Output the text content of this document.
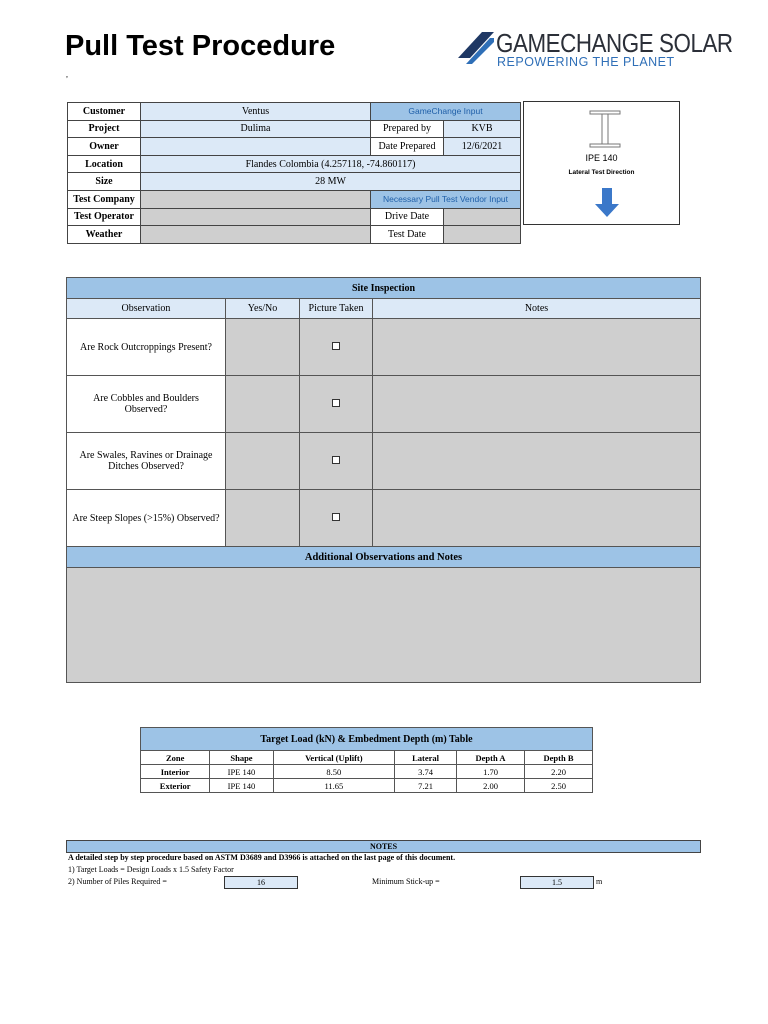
Pull Test Procedure
,
GAMECHANGE SOLAR
REPOWERING THE PLANET
Customer	Ventus	GameChange Input	
Project	Dulima	Prepared by	KVB
Owner		Date Prepared	12/6/2021
Location	Flandes Colombia (4.257118, -74.860117)		
Size	28 MW		
Test Company		Necessary Pull Test Vendor Input	
Test Operator		Drive Date	
Weather		Test Date	
IPE 140
Lateral Test Direction
Site Inspection			
Observation	Yes/No	Picture Taken	Notes
Are Rock Outcroppings Present?			
Are Cobbles and Boulders Observed?			
Are Swales, Ravines or Drainage Ditches Observed?			
Are Steep Slopes (>15%) Observed?			
Additional Observations and Notes			

Target Load (kN) & Embedment Depth (m) Table					
Zone	Shape	Vertical (Uplift)	Lateral	Depth A	Depth B
Interior	IPE 140	8.50	3.74	1.70	2.20
Exterior	IPE 140	11.65	7.21	2.00	2.50
NOTES
A detailed step by step procedure based on ASTM D3689 and D3966 is attached on the last page of this document.
1) Target Loads = Design Loads x 1.5 Safety Factor
2) Number of Piles Required =	16	Minimum Stick-up =	1.5	m
